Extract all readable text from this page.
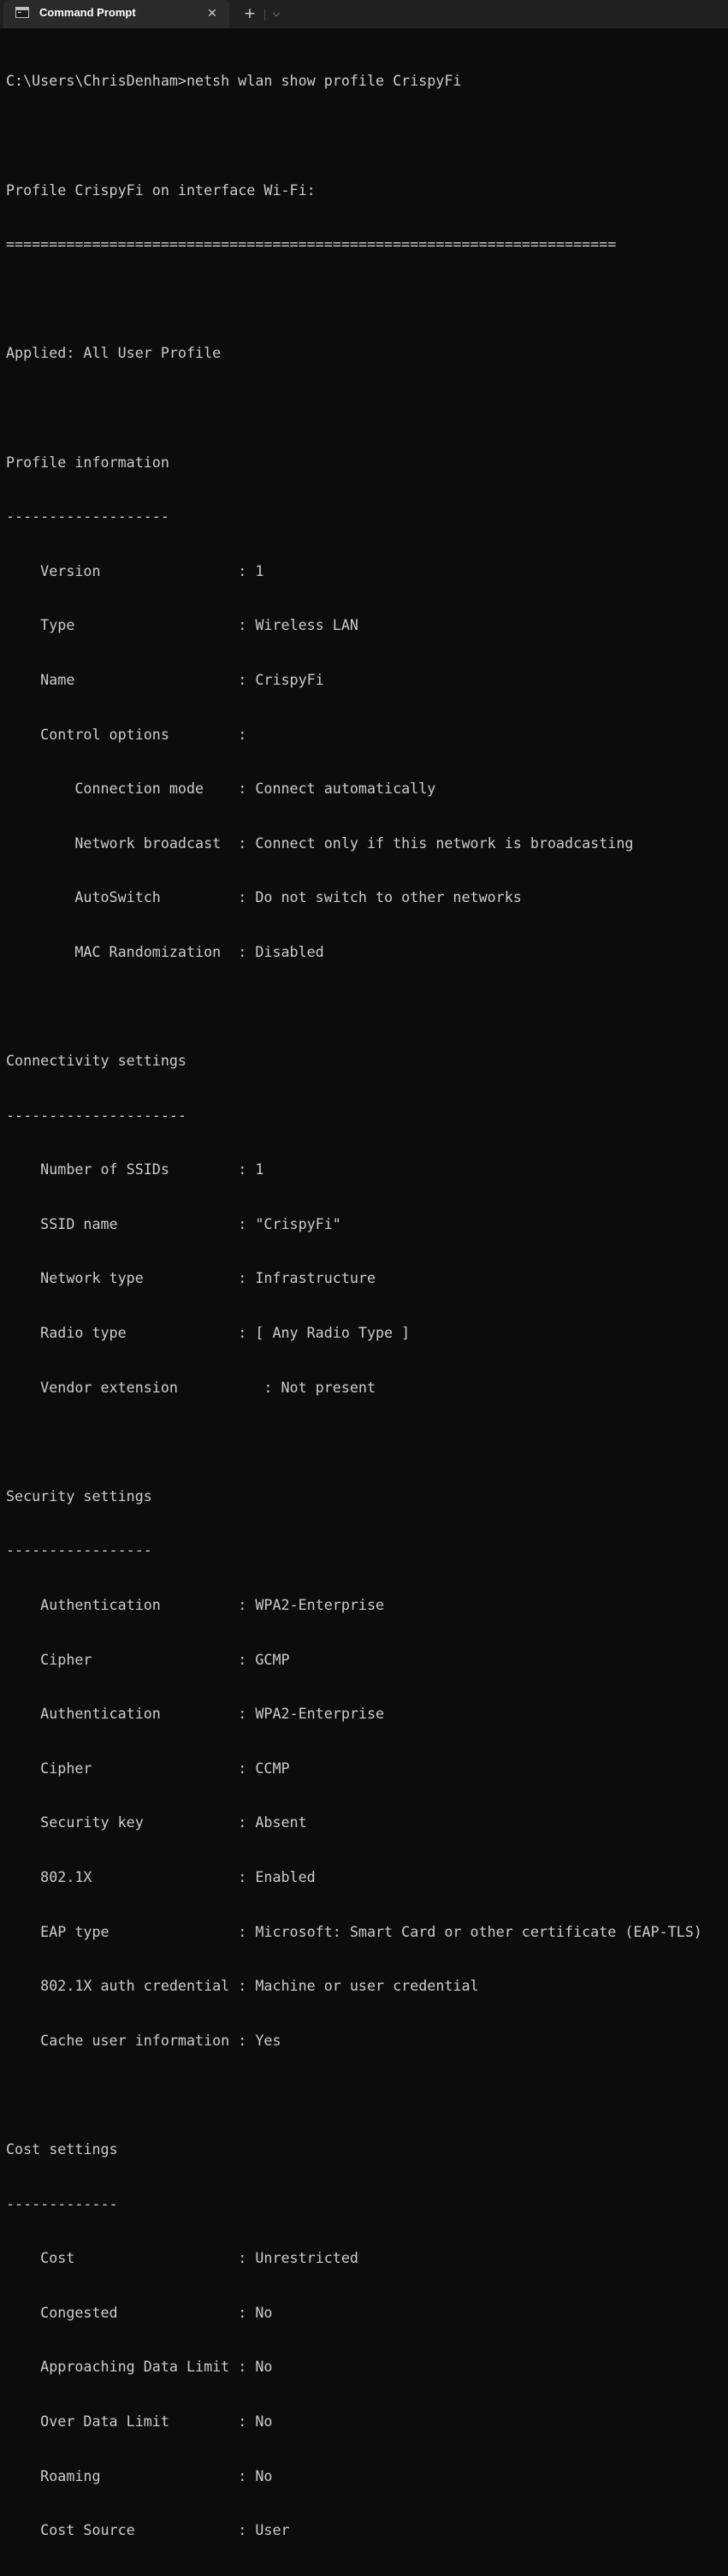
Command Prompt	✕	+	⌵

C:\Users\ChrisDenham>netsh wlan show profile CrispyFi

Profile CrispyFi on interface Wi-Fi:

=======================================================================

Applied: All User Profile

Profile information

-------------------

Version                : 1

Type                   : Wireless LAN

Name                   : CrispyFi

Control options        :

Connection mode    : Connect automatically

Network broadcast  : Connect only if this network is broadcasting

AutoSwitch         : Do not switch to other networks

MAC Randomization  : Disabled

Connectivity settings

---------------------

Number of SSIDs        : 1

SSID name              : "CrispyFi"

Network type           : Infrastructure

Radio type             : [ Any Radio Type ]

Vendor extension          : Not present

Security settings

-----------------

Authentication         : WPA2-Enterprise

Cipher                 : GCMP

Authentication         : WPA2-Enterprise

Cipher                 : CCMP

Security key           : Absent

802.1X                 : Enabled

EAP type               : Microsoft: Smart Card or other certificate (EAP-TLS)

802.1X auth credential : Machine or user credential

Cache user information : Yes

Cost settings

-------------

Cost                   : Unrestricted

Congested              : No

Approaching Data Limit : No

Over Data Limit        : No

Roaming                : No

Cost Source            : User
